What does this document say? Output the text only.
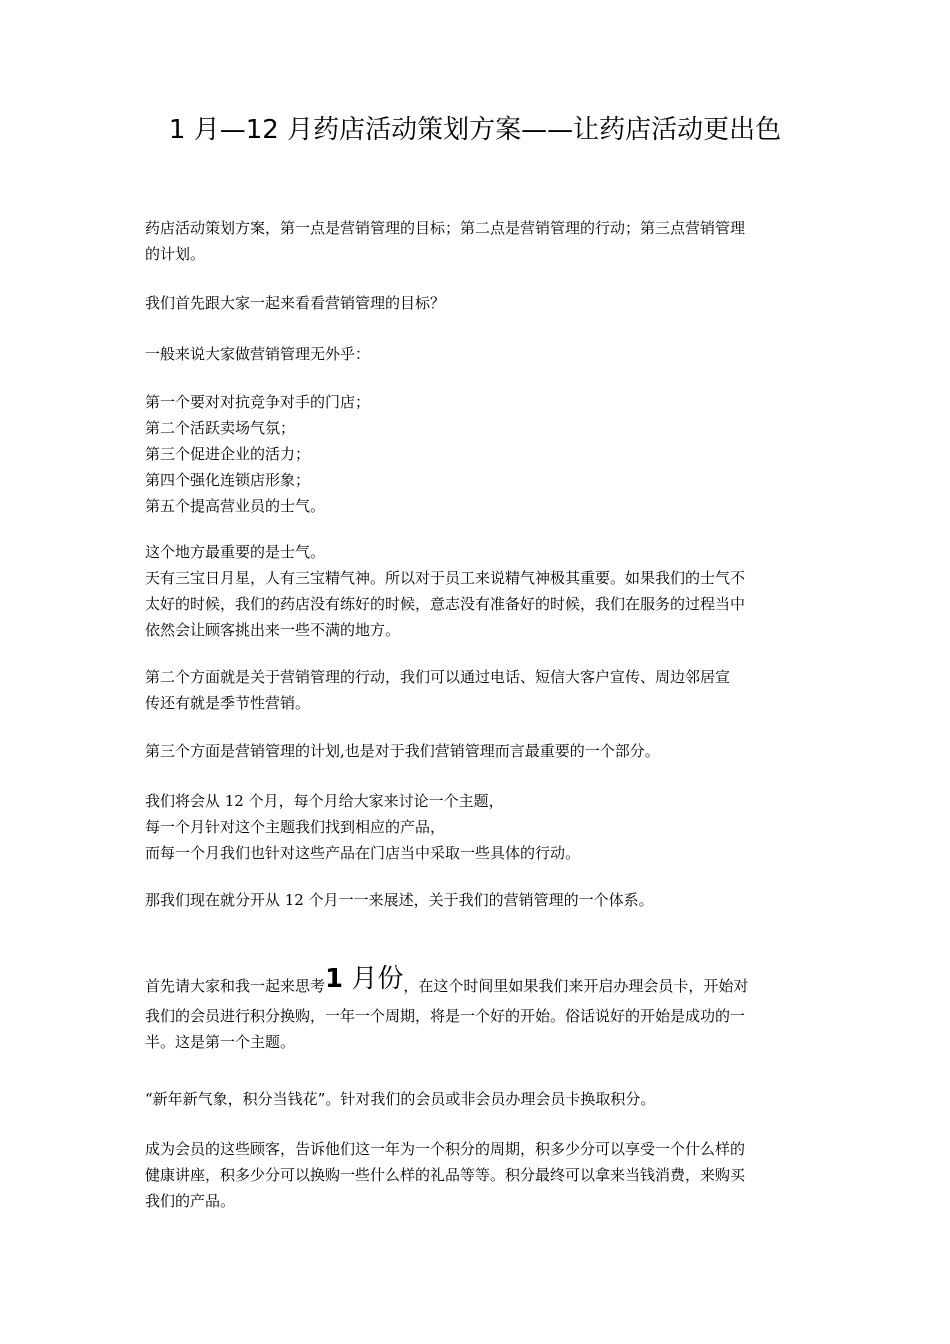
1 月—12 月药店活动策划方案——让药店活动更出色
药店活动策划方案，第一点是营销管理的目标；第二点是营销管理的行动；第三点营销管理
的计划。
我们首先跟大家一起来看看营销管理的目标？
一般来说大家做营销管理无外乎：
第一个要对对抗竞争对手的门店；
第二个活跃卖场气氛；
第三个促进企业的活力；
第四个强化连锁店形象；
第五个提高营业员的士气。
这个地方最重要的是士气。
天有三宝日月星，人有三宝精气神。所以对于员工来说精气神极其重要。如果我们的士气不
太好的时候，我们的药店没有练好的时候，意志没有准备好的时候，我们在服务的过程当中
依然会让顾客挑出来一些不满的地方。
第二个方面就是关于营销管理的行动，我们可以通过电话、短信大客户宣传、周边邻居宣
传还有就是季节性营销。
第三个方面是营销管理的计划,也是对于我们营销管理而言最重要的一个部分。
我们将会从 12 个月，每个月给大家来讨论一个主题，
每一个月针对这个主题我们找到相应的产品，
而每一个月我们也针对这些产品在门店当中采取一些具体的行动。
那我们现在就分开从 12 个月一一来展述，关于我们的营销管理的一个体系。
首先请大家和我一起来思考1 月份，在这个时间里如果我们来开启办理会员卡，开始对
我们的会员进行积分换购，一年一个周期，将是一个好的开始。俗话说好的开始是成功的一
半。这是第一个主题。
“新年新气象，积分当钱花”。针对我们的会员或非会员办理会员卡换取积分。
成为会员的这些顾客，告诉他们这一年为一个积分的周期，积多少分可以享受一个什么样的
健康讲座，积多少分可以换购一些什么样的礼品等等。积分最终可以拿来当钱消费，来购买
我们的产品。
